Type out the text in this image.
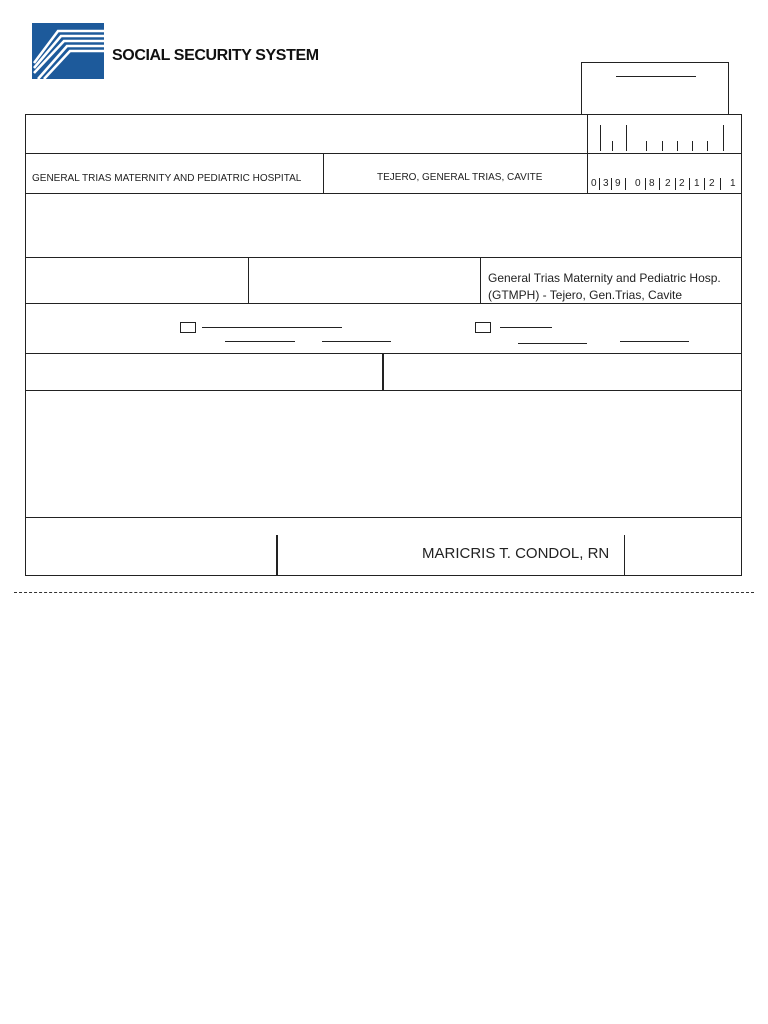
SOCIAL SECURITY SYSTEM
GENERAL TRIAS MATERNITY AND PEDIATRIC HOSPITAL	TEJERO, GENERAL TRIAS, CAVITE
0 3 9 0 8 2 2 1 2 1
General Trias Maternity and Pediatric Hosp.
(GTMPH) - Tejero, Gen.Trias, Cavite
MARICRIS T. CONDOL, RN
